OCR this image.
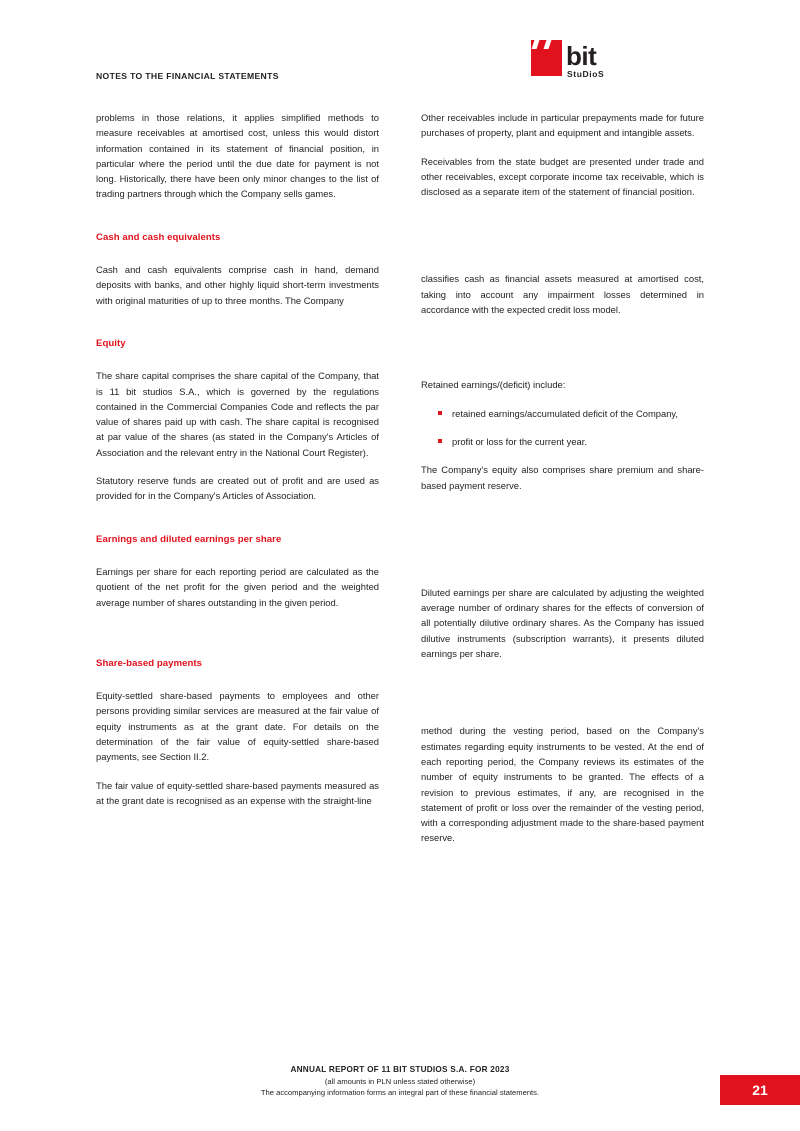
NOTES TO THE FINANCIAL STATEMENTS
bit
StuDioS

problems in those relations, it applies simplified methods to measure receivables at amortised cost, unless this would distort information contained in its statement of financial position, in particular where the period until the due date for payment is not long. Historically, there have been only minor changes to the list of trading partners through which the Company sells games.

Cash and cash equivalents

Cash and cash equivalents comprise cash in hand, demand deposits with banks, and other highly liquid short-term investments with original maturities of up to three months. The Company

Equity

The share capital comprises the share capital of the Company, that is 11 bit studios S.A., which is governed by the regulations contained in the Commercial Companies Code and reflects the par value of shares paid up with cash. The share capital is recognised at par value of the shares (as stated in the Company's Articles of Association and the relevant entry in the National Court Register).

Statutory reserve funds are created out of profit and are used as provided for in the Company's Articles of Association.

Earnings and diluted earnings per share

Earnings per share for each reporting period are calculated as the quotient of the net profit for the given period and the weighted average number of shares outstanding in the given period.

Share-based payments

Equity-settled share-based payments to employees and other persons providing similar services are measured at the fair value of equity instruments as at the grant date. For details on the determination of the fair value of equity-settled share-based payments, see Section II.2.

The fair value of equity-settled share-based payments measured as at the grant date is recognised as an expense with the straight-line

Other receivables include in particular prepayments made for future purchases of property, plant and equipment and intangible assets.

Receivables from the state budget are presented under trade and other receivables, except corporate income tax receivable, which is disclosed as a separate item of the statement of financial position.

classifies cash as financial assets measured at amortised cost, taking into account any impairment losses determined in accordance with the expected credit loss model.

Retained earnings/(deficit) include:

retained earnings/accumulated deficit of the Company,
profit or loss for the current year.

The Company's equity also comprises share premium and share-based payment reserve.

Diluted earnings per share are calculated by adjusting the weighted average number of ordinary shares for the effects of conversion of all potentially dilutive ordinary shares. As the Company has issued dilutive instruments (subscription warrants), it presents diluted earnings per share.

method during the vesting period, based on the Company's estimates regarding equity instruments to be vested. At the end of each reporting period, the Company reviews its estimates of the number of equity instruments to be granted. The effects of a revision to previous estimates, if any, are recognised in the statement of profit or loss over the remainder of the vesting period, with a corresponding adjustment made to the share-based payment reserve.

ANNUAL REPORT OF 11 BIT STUDIOS S.A. FOR 2023
(all amounts in PLN unless stated otherwise)
The accompanying information forms an integral part of these financial statements.	21
